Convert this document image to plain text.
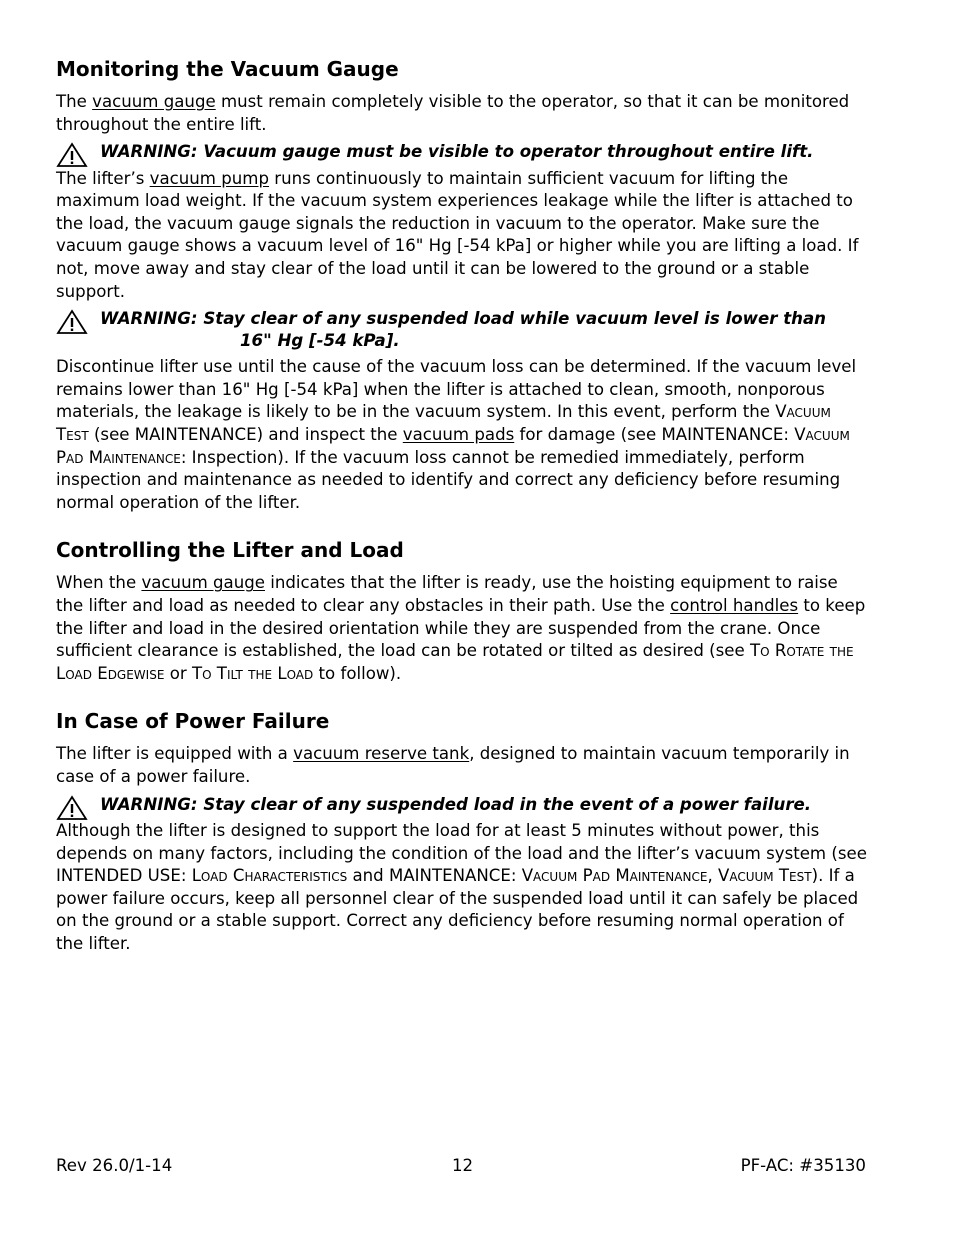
Monitoring the Vacuum Gauge

The vacuum gauge must remain completely visible to the operator, so that it can be monitored throughout the entire lift.

WARNING: Vacuum gauge must be visible to operator throughout entire lift.

The lifter’s vacuum pump runs continuously to maintain sufficient vacuum for lifting the maximum load weight. If the vacuum system experiences leakage while the lifter is attached to the load, the vacuum gauge signals the reduction in vacuum to the operator. Make sure the vacuum gauge shows a vacuum level of 16" Hg [-54 kPa] or higher while you are lifting a load. If not, move away and stay clear of the load until it can be lowered to the ground or a stable support.

WARNING: Stay clear of any suspended load while vacuum level is lower than
16" Hg [-54 kPa].

Discontinue lifter use until the cause of the vacuum loss can be determined. If the vacuum level remains lower than 16" Hg [-54 kPa] when the lifter is attached to clean, smooth, nonporous materials, the leakage is likely to be in the vacuum system. In this event, perform the Vacuum Test (see MAINTENANCE) and inspect the vacuum pads for damage (see MAINTENANCE: Vacuum Pad Maintenance: Inspection). If the vacuum loss cannot be remedied immediately, perform inspection and maintenance as needed to identify and correct any deficiency before resuming normal operation of the lifter.

Controlling the Lifter and Load

When the vacuum gauge indicates that the lifter is ready, use the hoisting equipment to raise the lifter and load as needed to clear any obstacles in their path. Use the control handles to keep the lifter and load in the desired orientation while they are suspended from the crane. Once sufficient clearance is established, the load can be rotated or tilted as desired (see To Rotate the Load Edgewise or To Tilt the Load to follow).

In Case of Power Failure

The lifter is equipped with a vacuum reserve tank, designed to maintain vacuum temporarily in case of a power failure.

WARNING: Stay clear of any suspended load in the event of a power failure.

Although the lifter is designed to support the load for at least 5 minutes without power, this depends on many factors, including the condition of the load and the lifter’s vacuum system (see INTENDED USE: Load Characteristics and MAINTENANCE: Vacuum Pad Maintenance, Vacuum Test). If a power failure occurs, keep all personnel clear of the suspended load until it can safely be placed on the ground or a stable support. Correct any deficiency before resuming normal operation of the lifter.

Rev 26.0/1-14	12	PF-AC: #35130
